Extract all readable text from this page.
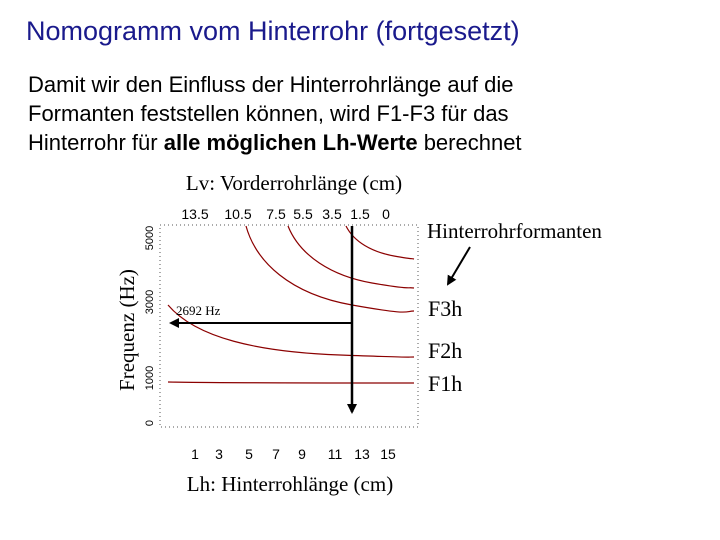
Nomogramm vom Hinterrohr (fortgesetzt)
Damit wir den Einfluss der Hinterrohrlänge auf die
Formanten feststellen können, wird F1-F3 für das
Hinterrohr für alle möglichen Lh-Werte berechnet
Lv: Vorderrohrlänge (cm)
13.5 10.5 7.5 5.5 3.5 1.5 0
Frequenz (Hz)
0
1000
3000
5000
2692 Hz
1 3 5 7 9 11 13 15
Lh: Hinterrohlänge (cm)
Hinterrohrformanten
F3h
F2h
F1h
